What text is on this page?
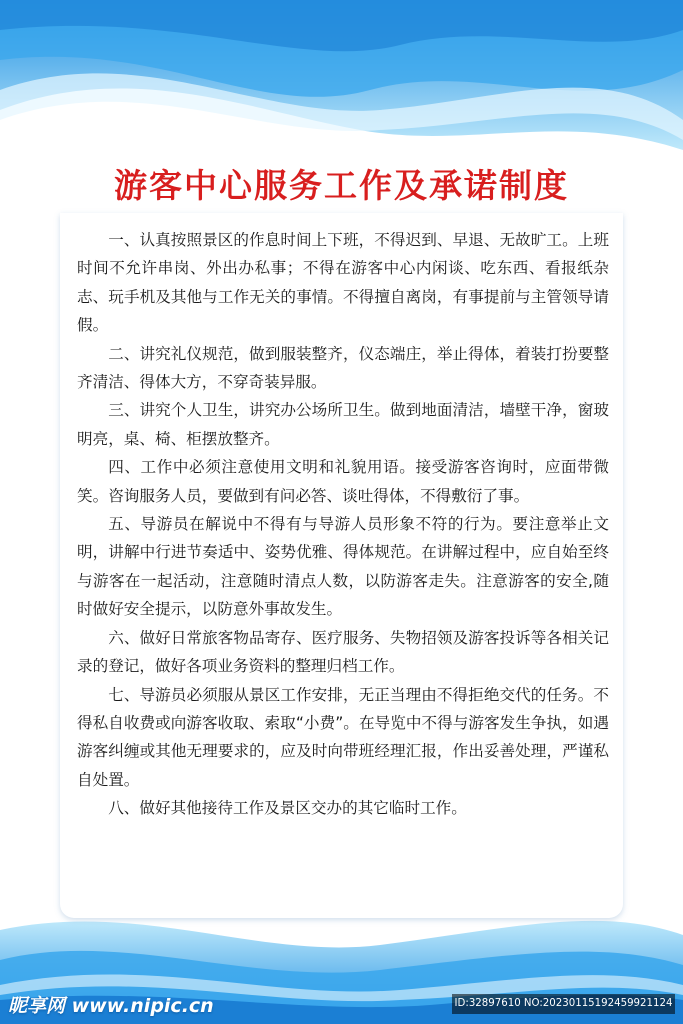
游客中心服务工作及承诺制度

一、认真按照景区的作息时间上下班，不得迟到、早退、无故旷工。上班时间不允许串岗、外出办私事；不得在游客中心内闲谈、吃东西、看报纸杂志、玩手机及其他与工作无关的事情。不得擅自离岗，有事提前与主管领导请假。

二、讲究礼仪规范，做到服装整齐，仪态端庄，举止得体，着装打扮要整齐清洁、得体大方，不穿奇装异服。

三、讲究个人卫生，讲究办公场所卫生。做到地面清洁，墙壁干净，窗玻明亮，桌、椅、柜摆放整齐。

四、工作中必须注意使用文明和礼貌用语。接受游客咨询时，应面带微笑。咨询服务人员，要做到有问必答、谈吐得体，不得敷衍了事。

五、导游员在解说中不得有与导游人员形象不符的行为。要注意举止文明，讲解中行进节奏适中、姿势优雅、得体规范。在讲解过程中，应自始至终与游客在一起活动，注意随时清点人数，以防游客走失。注意游客的安全,随时做好安全提示，以防意外事故发生。

六、做好日常旅客物品寄存、医疗服务、失物招领及游客投诉等各相关记录的登记，做好各项业务资料的整理归档工作。

七、导游员必须服从景区工作安排，无正当理由不得拒绝交代的任务。不得私自收费或向游客收取、索取“小费”。在导览中不得与游客发生争执，如遇游客纠缠或其他无理要求的，应及时向带班经理汇报，作出妥善处理，严谨私自处置。

八、做好其他接待工作及景区交办的其它临时工作。

昵享网 www.nipic.cn	ID:32897610 NO:20230115192459921124
